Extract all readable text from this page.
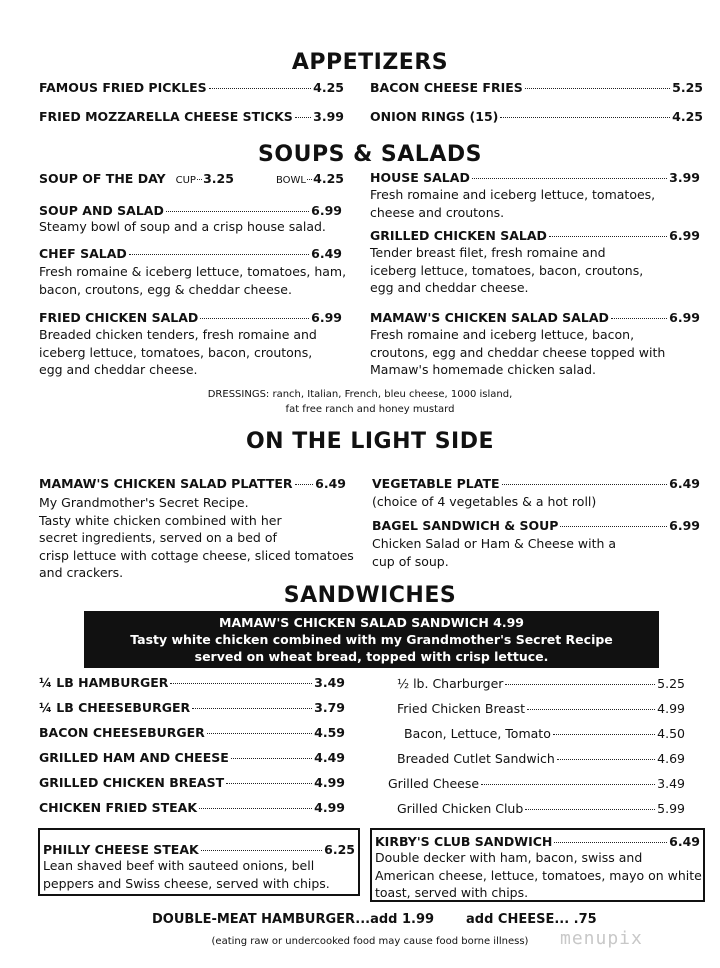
APPETIZERS
FAMOUS FRIED PICKLES	4.25
FRIED MOZZARELLA CHEESE STICKS 3.99
BACON CHEESE FRIES	5.25
ONION RINGS (15)	4.25
SOUPS & SALADS
SOUP OF THE DAY CUP 3.25	BOWL 4.25
SOUP AND SALAD	6.99
Steamy bowl of soup and a crisp house salad.
CHEF SALAD	6.49
Fresh romaine & iceberg lettuce, tomatoes, ham,
bacon, croutons, egg & cheddar cheese.
FRIED CHICKEN SALAD	6.99
Breaded chicken tenders, fresh romaine and
iceberg lettuce, tomatoes, bacon, croutons,
egg and cheddar cheese.
HOUSE SALAD	3.99
Fresh romaine and iceberg lettuce, tomatoes,
cheese and croutons.
GRILLED CHICKEN SALAD	6.99
Tender breast filet, fresh romaine and
iceberg lettuce, tomatoes, bacon, croutons,
egg and cheddar cheese.
MAMAW'S CHICKEN SALAD SALAD	6.99
Fresh romaine and iceberg lettuce, bacon,
croutons, egg and cheddar cheese topped with
Mamaw's homemade chicken salad.
DRESSINGS: ranch, Italian, French, bleu cheese, 1000 island,
fat free ranch and honey mustard
ON THE LIGHT SIDE
MAMAW'S CHICKEN SALAD PLATTER 6.49
My Grandmother's Secret Recipe.
Tasty white chicken combined with her
secret ingredients, served on a bed of
crisp lettuce with cottage cheese, sliced tomatoes
and crackers.
VEGETABLE PLATE	6.49
(choice of 4 vegetables & a hot roll)
BAGEL SANDWICH & SOUP	6.99
Chicken Salad or Ham & Cheese with a
cup of soup.
SANDWICHES
MAMAW'S CHICKEN SALAD SANDWICH 4.99
Tasty white chicken combined with my Grandmother's Secret Recipe
served on wheat bread, topped with crisp lettuce.
¼ LB HAMBURGER	3.49
¼ LB CHEESEBURGER	3.79
BACON CHEESEBURGER	4.59
GRILLED HAM AND CHEESE	4.49
GRILLED CHICKEN BREAST	4.99
CHICKEN FRIED STEAK	4.99
½ lb. Charburger	5.25
Fried Chicken Breast	4.99
Bacon, Lettuce, Tomato	4.50
Breaded Cutlet Sandwich	4.69
Grilled Cheese	3.49
Grilled Chicken Club	5.99
PHILLY CHEESE STEAK	6.25
Lean shaved beef with sauteed onions, bell
peppers and Swiss cheese, served with chips.
KIRBY'S CLUB SANDWICH	6.49
Double decker with ham, bacon, swiss and
American cheese, lettuce, tomatoes, mayo on white
toast, served with chips.
DOUBLE-MEAT HAMBURGER...add 1.99 add CHEESE... .75
(eating raw or undercooked food may cause food borne illness)	menupix
